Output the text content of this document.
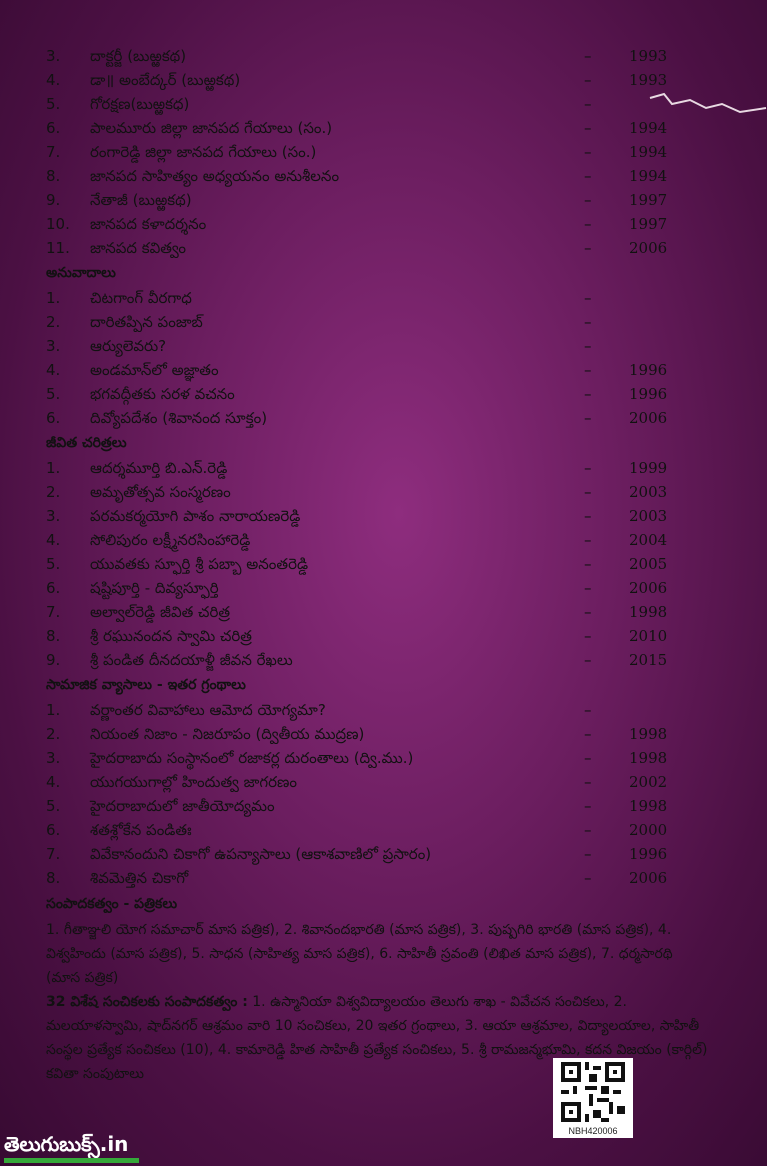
3. దాక్టర్జీ (బుఱ్ఱకథ)	–	1993
4. డా॥ అంబేద్కర్ (బుఱ్ఱకథ)	–	1993
5. గోరక్షణ(బుఱ్ఱకధ)	–
6. పాలమూరు జిల్లా జానపద గేయాలు (సం.)	–	1994
7. రంగారెడ్డి జిల్లా జానపద గేయాలు (సం.)	–	1994
8. జానపద సాహిత్యం అధ్యయనం అనుశీలనం	–	1994
9. నేతాజీ (బుఱ్ఱకథ)	–	1997
10. జానపద కళాదర్శనం	–	1997
11. జానపద కవిత్వం	–	2006
అనువాదాలు
1. చిటగాంగ్ వీరగాధ	–
2. దారితప్పిన పంజాబ్	–
3. ఆర్యులెవరు?	–
4. అండమాన్‌లో అజ్ఞాతం	–	1996
5. భగవద్గీతకు సరళ వచనం	–	1996
6. దివ్యోపదేశం (శివానంద సూక్తం)	–	2006
జీవిత చరిత్రలు
1. ఆదర్శమూర్తి బి.ఎన్.రెడ్డి	–	1999
2. అమృతోత్సవ సంస్మరణం	–	2003
3. పరమకర్మయోగి పాశం నారాయణరెడ్డి	–	2003
4. సోలిపురం లక్ష్మీనరసింహారెడ్డి	–	2004
5. యువతకు స్ఫూర్తి శ్రీ పబ్బా అనంతరెడ్డి	–	2005
6. షష్టిపూర్తి - దివ్యస్ఫూర్తి	–	2006
7. అల్వాల్‌రెడ్డి జీవిత చరిత్ర	–	1998
8. శ్రీ రఘునందన స్వామి చరిత్ర	–	2010
9. శ్రీ పండిత దీనదయాళ్జీ జీవన రేఖలు	–	2015
సామాజిక వ్యాసాలు - ఇతర గ్రంథాలు
1. వర్ణాంతర వివాహాలు ఆమోద యోగ్యమా?	–
2. నియంత నిజాం - నిజరూపం (ద్వితీయ ముద్రణ)	–	1998
3. హైదరాబాదు సంస్థానంలో రజాకర్ల దురంతాలు (ద్వి.ము.)	–	1998
4. యుగయుగాల్లో హిందుత్వ జాగరణం	–	2002
5. హైదరాబాదులో జాతీయోద్యమం	–	1998
6. శతశ్లోకేన పండితః	–	2000
7. వివేకానందుని చికాగో ఉపన్యాసాలు (ఆకాశవాణిలో ప్రసారం)	–	1996
8. శివమెత్తిన చికాగో	–	2006
సంపాదకత్వం - పత్రికలు
1. గీతాఞ్జలి యోగ సమాచార్ మాస పత్రిక), 2. శివానందభారతి (మాస పత్రిక), 3. పుష్పగిరి భారతి (మాస పత్రిక), 4. విశ్వహిందు (మాస పత్రిక), 5. సాధన (సాహిత్య మాస పత్రిక), 6. సాహితీ స్రవంతి (లిఖిత మాస పత్రిక), 7. ధర్మసారథి (మాస పత్రిక)
32 విశేష సంచికలకు సంపాదకత్వం : 1. ఉస్మానియా విశ్వవిద్యాలయం తెలుగు శాఖ - వివేచన సంచికలు, 2. మలయాళస్వామి, షాద్‌నగర్ ఆశ్రమం వారి 10 సంచికలు, 20 ఇతర గ్రంథాలు, 3. ఆయా ఆశ్రమాల, విద్యాలయాల, సాహితీ సంస్థల ప్రత్యేక సంచికలు (10), 4. కామారెడ్డి హిత సాహితీ ప్రత్యేక సంచికలు, 5. శ్రీ రామజన్మభూమి, కదన విజయం (కార్గిల్) కవితా సంపుటాలు
NBH420006
తెలుగుబుక్స్.in
